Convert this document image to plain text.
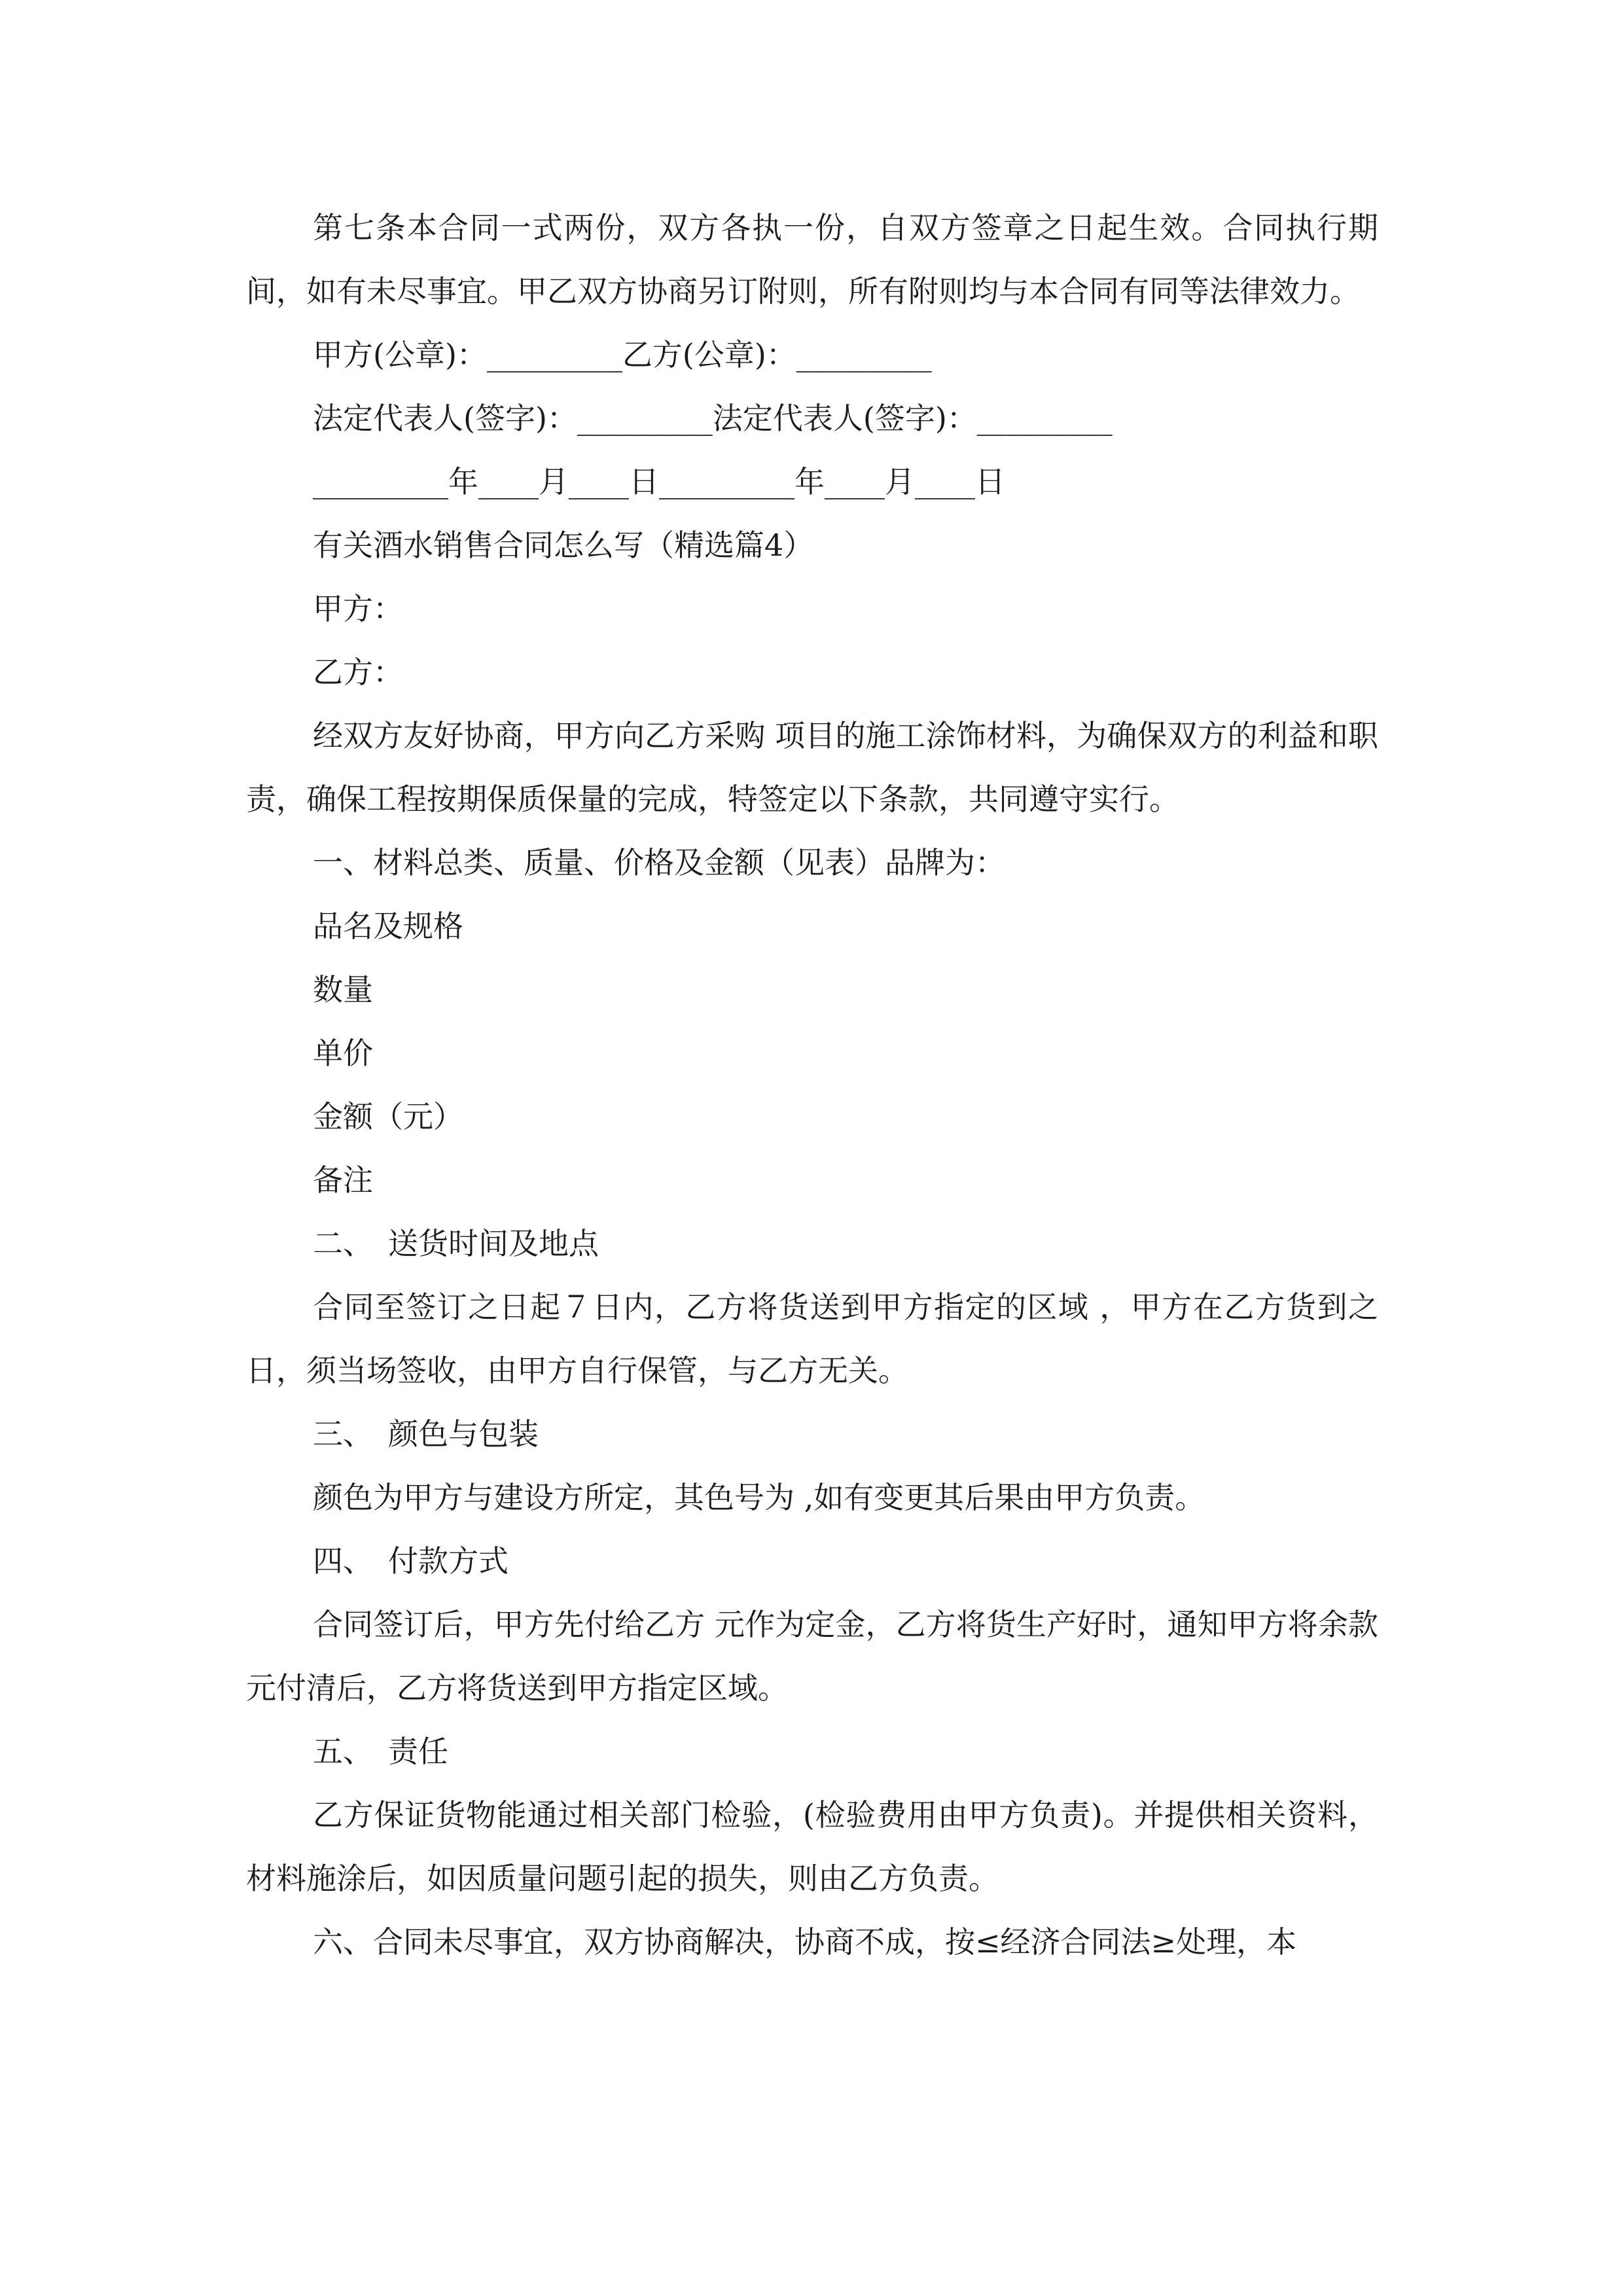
第七条本合同一式两份，双方各执一份，自双方签章之日起生效。合同执行期间，如有未尽事宜。甲乙双方协商另订附则，所有附则均与本合同有同等法律效力。

甲方(公章)：_________乙方(公章)：_________

法定代表人(签字)：_________法定代表人(签字)：_________

_________年____月____日_________年____月____日

有关酒水销售合同怎么写（精选篇4）

甲方：

乙方：

经双方友好协商，甲方向乙方采购 项目的施工涂饰材料，为确保双方的利益和职责，确保工程按期保质保量的完成，特签定以下条款，共同遵守实行。

一、材料总类、质量、价格及金额（见表）品牌为：

品名及规格

数量

单价

金额（元）

备注

二、　送货时间及地点

合同至签订之日起７日内，乙方将货送到甲方指定的区域 ，甲方在乙方货到之日，须当场签收，由甲方自行保管，与乙方无关。

三、　颜色与包装

颜色为甲方与建设方所定，其色号为 ,如有变更其后果由甲方负责。

四、　付款方式

合同签订后，甲方先付给乙方 元作为定金，乙方将货生产好时，通知甲方将余款 元付清后，乙方将货送到甲方指定区域。

五、　责任

乙方保证货物能通过相关部门检验，(检验费用由甲方负责)。并提供相关资料，材料施涂后，如因质量问题引起的损失，则由乙方负责。

六、合同未尽事宜，双方协商解决，协商不成，按≤经济合同法≥处理，本
